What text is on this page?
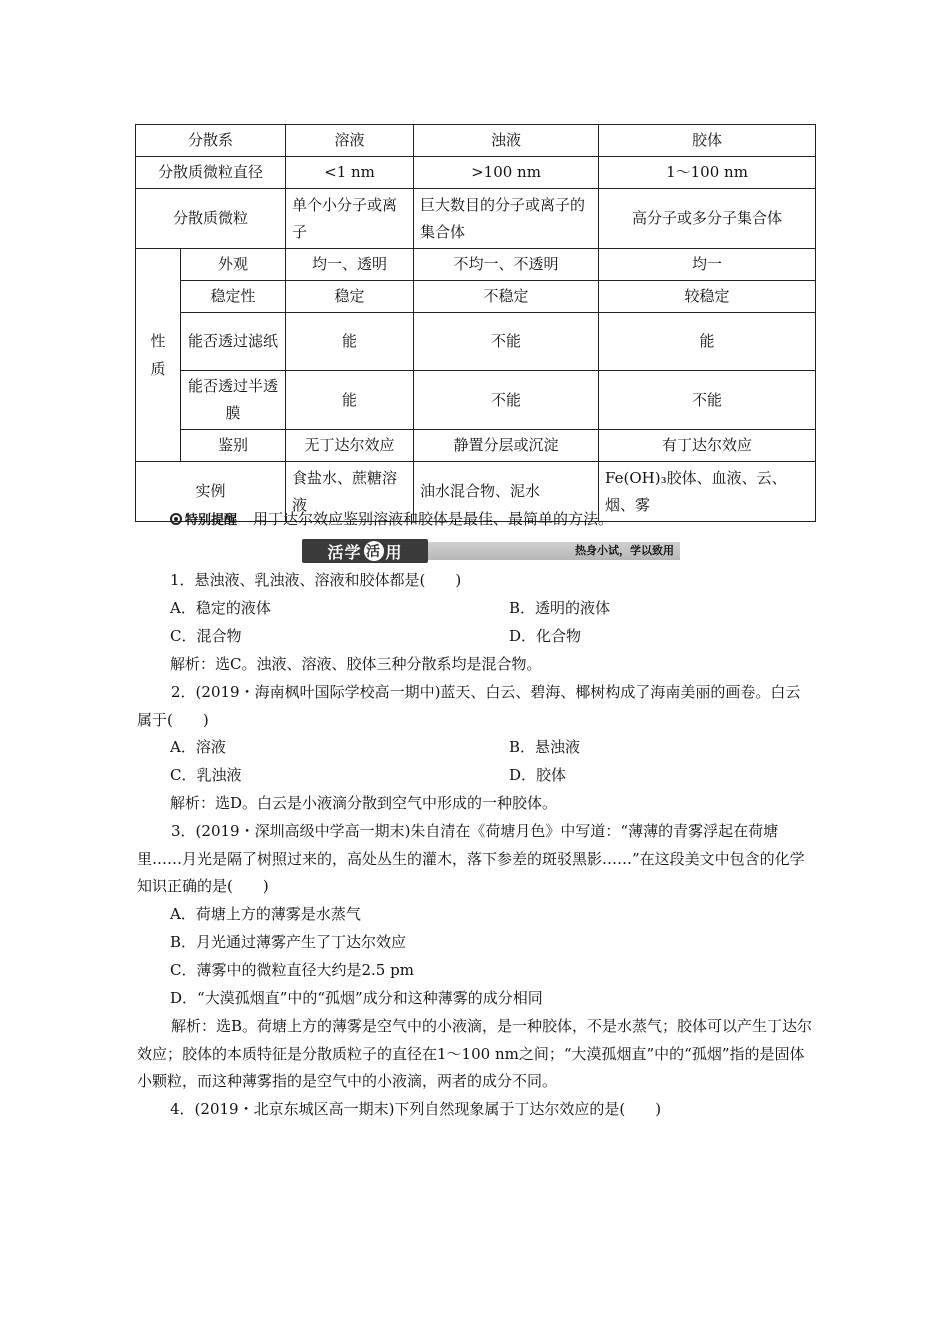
分散系		溶液	浊液	胶体
分散质微粒直径		<1 nm	>100 nm	1～100 nm
分散质微粒		单个小分子或离子	巨大数目的分子或离子的集合体	高分子或多分子集合体

性质	外观	均一、透明	不均一、不透明	均一
	稳定性	稳定	不稳定	较稳定
	能否透过滤纸	能	不能	能
	能否透过半透膜	能	不能	不能
	鉴别	无丁达尔效应	静置分层或沉淀	有丁达尔效应
实例		食盐水、蔗糖溶液	油水混合物、泥水	Fe(OH)₃胶体、血液、云、烟、雾
特别提醒 用丁达尔效应鉴别溶液和胶体是最佳、最简单的方法。
活学 活 用	热身小试，学以致用
1．悬浊液、乳浊液、溶液和胶体都是(　　)
A．稳定的液体	B．透明的液体
C．混合物	D．化合物
解析：选C。浊液、溶液、胶体三种分散系均是混合物。
2．(2019・海南枫叶国际学校高一期中)蓝天、白云、碧海、椰树构成了海南美丽的画卷。白云属于(　　)
A．溶液	B．悬浊液
C．乳浊液	D．胶体
解析：选D。白云是小液滴分散到空气中形成的一种胶体。
3．(2019・深圳高级中学高一期末)朱自清在《荷塘月色》中写道：“薄薄的青雾浮起在荷塘里……月光是隔了树照过来的，高处丛生的灌木，落下参差的斑驳黑影……”在这段美文中包含的化学知识正确的是(　　)
A．荷塘上方的薄雾是水蒸气
B．月光通过薄雾产生了丁达尔效应
C．薄雾中的微粒直径大约是2.5 pm
D．“大漠孤烟直”中的“孤烟”成分和这种薄雾的成分相同
解析：选B。荷塘上方的薄雾是空气中的小液滴，是一种胶体，不是水蒸气；胶体可以产生丁达尔效应；胶体的本质特征是分散质粒子的直径在1～100 nm之间；“大漠孤烟直”中的“孤烟”指的是固体小颗粒，而这种薄雾指的是空气中的小液滴，两者的成分不同。
4．(2019・北京东城区高一期末)下列自然现象属于丁达尔效应的是(　　)
